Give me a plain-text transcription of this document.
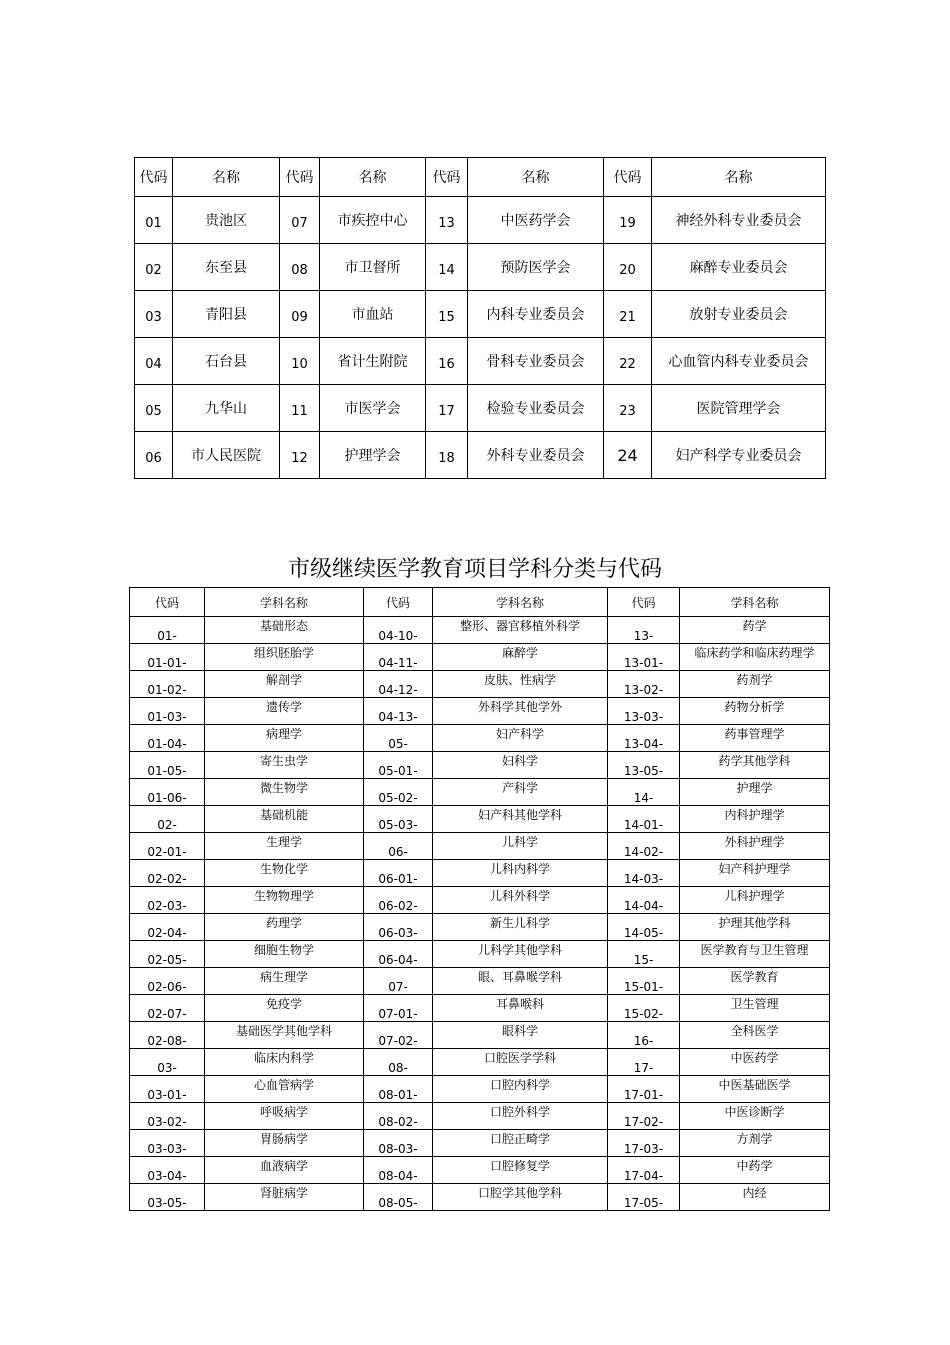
代码	名称	代码	名称	代码	名称	代码	名称
01	贵池区	07	市疾控中心	13	中医药学会	19	神经外科专业委员会
02	东至县	08	市卫督所	14	预防医学会	20	麻醉专业委员会
03	青阳县	09	市血站	15	内科专业委员会	21	放射专业委员会
04	石台县	10	省计生附院	16	骨科专业委员会	22	心血管内科专业委员会
05	九华山	11	市医学会	17	检验专业委员会	23	医院管理学会
06	市人民医院	12	护理学会	18	外科专业委员会	24	妇产科学专业委员会
市级继续医学教育项目学科分类与代码
代码	学科名称	代码	学科名称	代码	学科名称
01-	基础形态	04-10-	整形、器官移植外科学	13-	药学
01-01-	组织胚胎学	04-11-	麻醉学	13-01-	临床药学和临床药理学
01-02-	解剖学	04-12-	皮肤、性病学	13-02-	药剂学
01-03-	遗传学	04-13-	外科学其他学外	13-03-	药物分析学
01-04-	病理学	05-	妇产科学	13-04-	药事管理学
01-05-	寄生虫学	05-01-	妇科学	13-05-	药学其他学科
01-06-	微生物学	05-02-	产科学	14-	护理学
02-	基础机能	05-03-	妇产科其他学科	14-01-	内科护理学
02-01-	生理学	06-	儿科学	14-02-	外科护理学
02-02-	生物化学	06-01-	儿科内科学	14-03-	妇产科护理学
02-03-	生物物理学	06-02-	儿科外科学	14-04-	儿科护理学
02-04-	药理学	06-03-	新生儿科学	14-05-	护理其他学科
02-05-	细胞生物学	06-04-	儿科学其他学科	15-	医学教育与卫生管理
02-06-	病生理学	07-	眼、耳鼻喉学科	15-01-	医学教育
02-07-	免疫学	07-01-	耳鼻喉科	15-02-	卫生管理
02-08-	基础医学其他学科	07-02-	眼科学	16-	全科医学
03-	临床内科学	08-	口腔医学学科	17-	中医药学
03-01-	心血管病学	08-01-	口腔内科学	17-01-	中医基础医学
03-02-	呼吸病学	08-02-	口腔外科学	17-02-	中医诊断学
03-03-	胃肠病学	08-03-	口腔正畸学	17-03-	方剂学
03-04-	血液病学	08-04-	口腔修复学	17-04-	中药学
03-05-	肾脏病学	08-05-	口腔学其他学科	17-05-	内经
